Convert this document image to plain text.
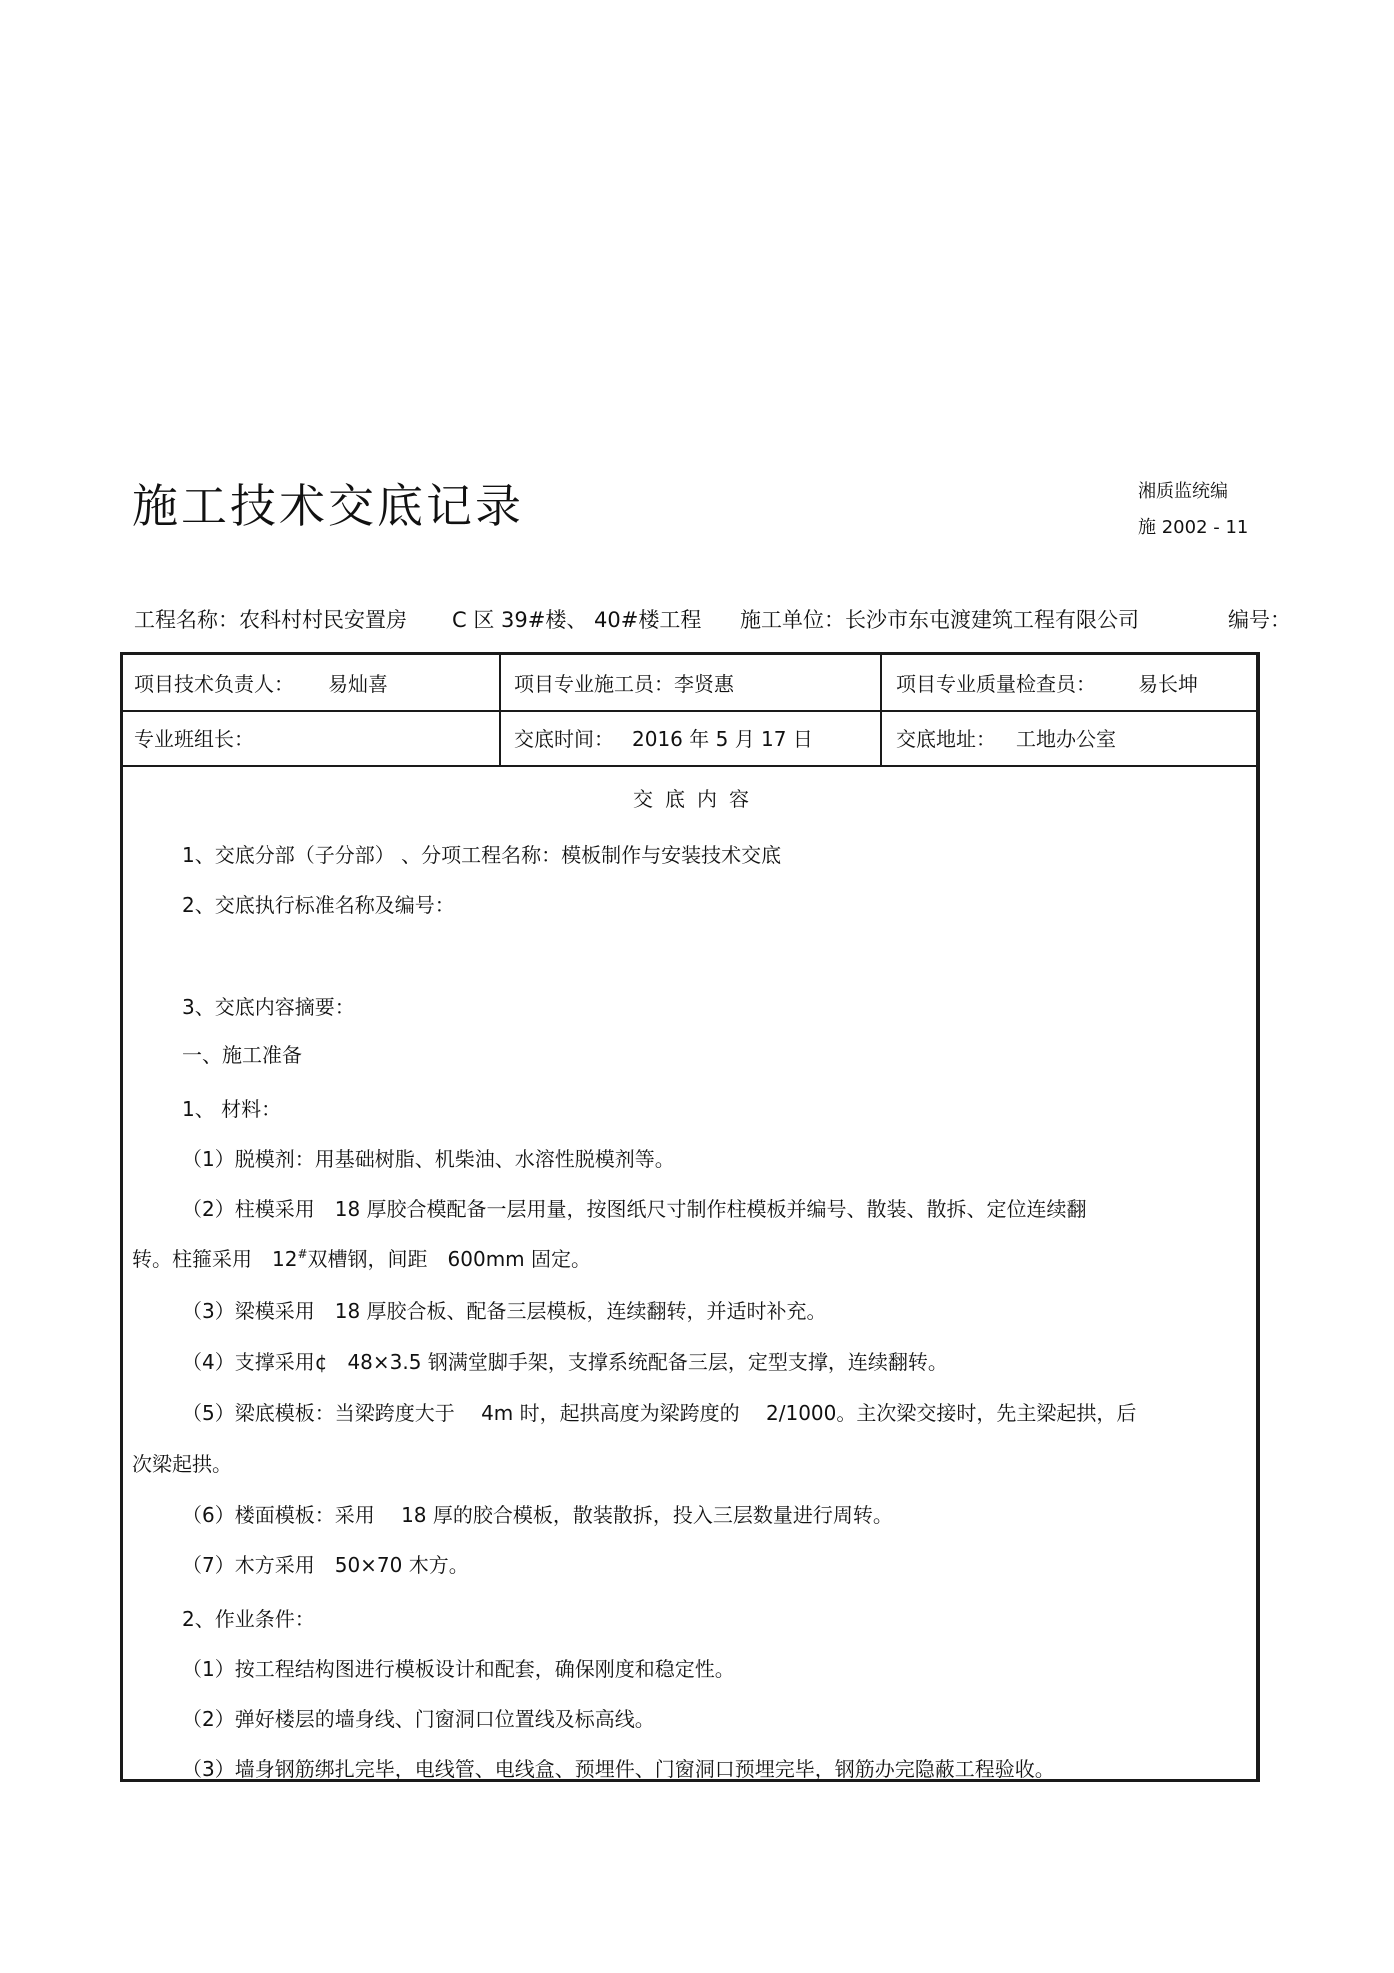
施工技术交底记录	湘质监统编
施 2002 - 11
工程名称：农科村村民安置房 C 区 39#楼、 40#楼工程 施工单位：长沙市东屯渡建筑工程有限公司	编号：
项目技术负责人： 易灿喜	项目专业施工员：李贤惠	项目专业质量检查员： 易长坤
专业班组长：	交底时间： 2016 年 5 月 17 日	交底地址： 工地办公室
交底内容
1、交底分部（子分部） 、分项工程名称：模板制作与安装技术交底
2、交底执行标准名称及编号：
3、交底内容摘要：
一、施工准备
1、 材料：
（1）脱模剂：用基础树脂、机柴油、水溶性脱模剂等。
（2）柱模采用　18 厚胶合模配备一层用量，按图纸尺寸制作柱模板并编号、散装、散拆、定位连续翻
转。柱箍采用　12#双槽钢，间距　600mm 固定。
（3）梁模采用　18 厚胶合板、配备三层模板，连续翻转，并适时补充。
（4）支撑采用¢　48×3.5 钢满堂脚手架，支撑系统配备三层，定型支撑，连续翻转。
（5）梁底模板：当梁跨度大于　 4m 时，起拱高度为梁跨度的　 2/1000。主次梁交接时，先主梁起拱，后
次梁起拱。
（6）楼面模板：采用　 18 厚的胶合模板，散装散拆，投入三层数量进行周转。
（7）木方采用　50×70 木方。
2、作业条件：
（1）按工程结构图进行模板设计和配套，确保刚度和稳定性。
（2）弹好楼层的墙身线、门窗洞口位置线及标高线。
（3）墙身钢筋绑扎完毕，电线管、电线盒、预埋件、门窗洞口预埋完毕，钢筋办完隐蔽工程验收。
